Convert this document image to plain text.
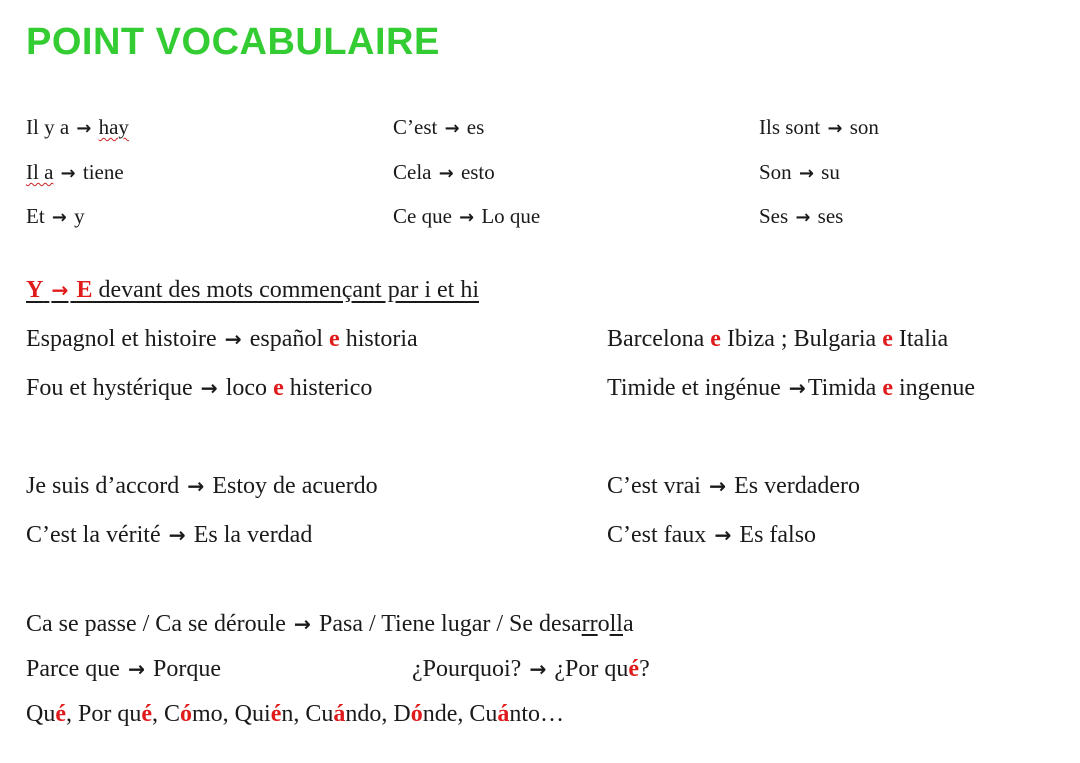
POINT VOCABULAIRE
Il y a → hay	C’est → es	Ils sont → son
Il a → tiene	Cela → esto	Son → su
Et → y	Ce que → Lo que	Ses → ses
Y → E devant des mots commençant par i et hi
Espagnol et histoire → español e historia	Barcelona e Ibiza ; Bulgaria e Italia
Fou et hystérique → loco e histerico	Timide et ingénue →Timida e ingenue
Je suis d’accord → Estoy de acuerdo	C’est vrai → Es verdadero
C’est la vérité → Es la verdad	C’est faux → Es falso
Ca se passe / Ca se déroule → Pasa / Tiene lugar / Se desarrolla
Parce que → Porque	¿Pourquoi? → ¿Por qué?
Qué, Por qué, Cómo, Quién, Cuándo, Dónde, Cuánto…
